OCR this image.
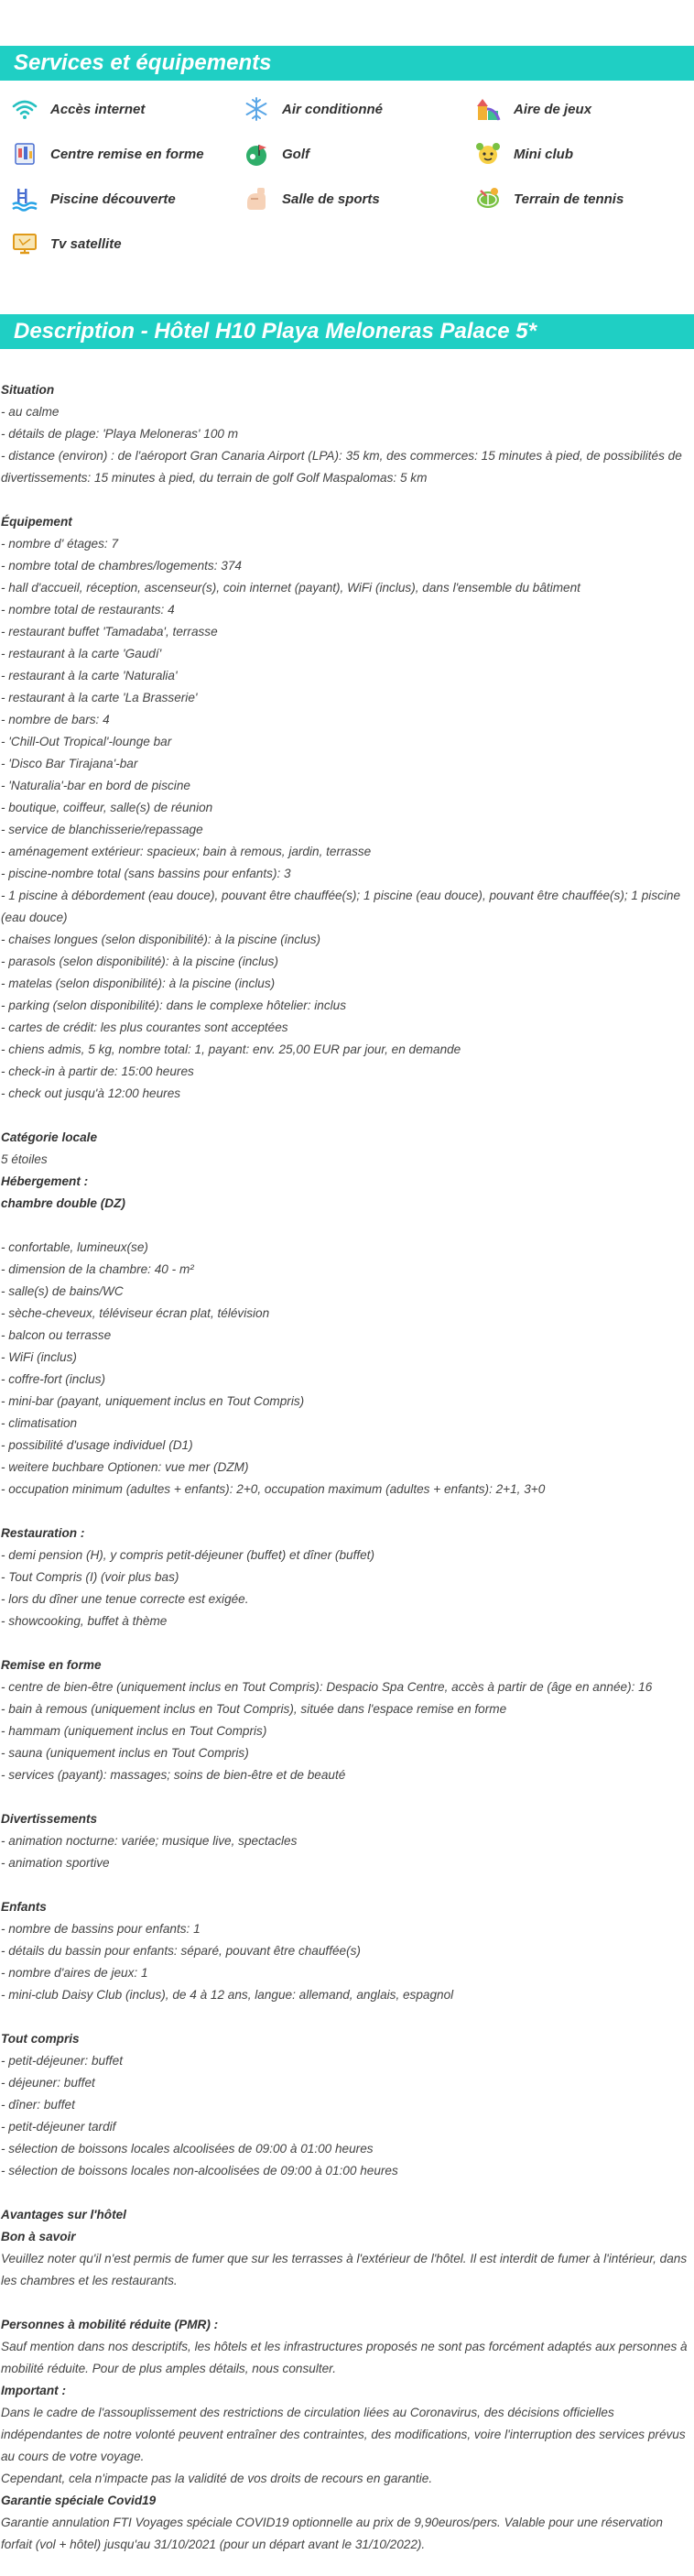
Services et équipements
Accès internet	Air conditionné	Aire de jeux
Centre remise en forme	Golf	Mini club
Piscine découverte	Salle de sports	Terrain de tennis
Tv satellite
Description - Hôtel H10 Playa Meloneras Palace 5*
Situation
- au calme
- détails de plage: 'Playa Meloneras' 100 m
- distance (environ) : de l'aéroport Gran Canaria Airport (LPA): 35 km, des commerces: 15 minutes à pied, de possibilités de divertissements: 15 minutes à pied, du terrain de golf Golf Maspalomas: 5 km
Équipement
- nombre d' étages: 7
- nombre total de chambres/logements: 374
- hall d'accueil, réception, ascenseur(s), coin internet (payant), WiFi (inclus), dans l'ensemble du bâtiment
- nombre total de restaurants: 4
- restaurant buffet 'Tamadaba', terrasse
- restaurant à la carte 'Gaudí'
- restaurant à la carte 'Naturalia'
- restaurant à la carte 'La Brasserie'
- nombre de bars: 4
- 'Chill-Out Tropical'-lounge bar
- 'Disco Bar Tirajana'-bar
- 'Naturalia'-bar en bord de piscine
- boutique, coiffeur, salle(s) de réunion
- service de blanchisserie/repassage
- aménagement extérieur: spacieux; bain à remous, jardin, terrasse
- piscine-nombre total (sans bassins pour enfants): 3
- 1 piscine à débordement (eau douce), pouvant être chauffée(s); 1 piscine (eau douce), pouvant être chauffée(s); 1 piscine (eau douce)
- chaises longues (selon disponibilité): à la piscine (inclus)
- parasols (selon disponibilité): à la piscine (inclus)
- matelas (selon disponibilité): à la piscine (inclus)
- parking (selon disponibilité): dans le complexe hôtelier: inclus
- cartes de crédit: les plus courantes sont acceptées
- chiens admis, 5 kg, nombre total: 1, payant: env. 25,00 EUR par jour, en demande
- check-in à partir de: 15:00 heures
- check out jusqu'à 12:00 heures
Catégorie locale
5 étoiles
Hébergement :
chambre double (DZ)
- confortable, lumineux(se)
- dimension de la chambre: 40 - m²
- salle(s) de bains/WC
- sèche-cheveux, téléviseur écran plat, télévision
- balcon ou terrasse
- WiFi (inclus)
- coffre-fort (inclus)
- mini-bar (payant, uniquement inclus en Tout Compris)
- climatisation
- possibilité d'usage individuel (D1)
- weitere buchbare Optionen: vue mer (DZM)
- occupation minimum (adultes + enfants): 2+0, occupation maximum (adultes + enfants): 2+1, 3+0
Restauration :
- demi pension (H), y compris petit-déjeuner (buffet) et dîner (buffet)
- Tout Compris (I) (voir plus bas)
- lors du dîner une tenue correcte est exigée.
- showcooking, buffet à thème
Remise en forme
- centre de bien-être (uniquement inclus en Tout Compris): Despacio Spa Centre, accès à partir de (âge en année): 16
- bain à remous (uniquement inclus en Tout Compris), située dans l'espace remise en forme
- hammam (uniquement inclus en Tout Compris)
- sauna (uniquement inclus en Tout Compris)
- services (payant): massages; soins de bien-être et de beauté
Divertissements
- animation nocturne: variée; musique live, spectacles
- animation sportive
Enfants
- nombre de bassins pour enfants: 1
- détails du bassin pour enfants: séparé, pouvant être chauffée(s)
- nombre d'aires de jeux: 1
- mini-club Daisy Club (inclus), de 4 à 12 ans, langue: allemand, anglais, espagnol
Tout compris
- petit-déjeuner: buffet
- déjeuner: buffet
- dîner: buffet
- petit-déjeuner tardif
- sélection de boissons locales alcoolisées de 09:00 à 01:00 heures
- sélection de boissons locales non-alcoolisées de 09:00 à 01:00 heures
Avantages sur l'hôtel
Bon à savoir
Veuillez noter qu'il n'est permis de fumer que sur les terrasses à l'extérieur de l'hôtel. Il est interdit de fumer à l'intérieur, dans les chambres et les restaurants.
Personnes à mobilité réduite (PMR) :
Sauf mention dans nos descriptifs, les hôtels et les infrastructures proposés ne sont pas forcément adaptés aux personnes à mobilité réduite. Pour de plus amples détails, nous consulter.
Important :
Dans le cadre de l'assouplissement des restrictions de circulation liées au Coronavirus, des décisions officielles indépendantes de notre volonté peuvent entraîner des contraintes, des modifications, voire l'interruption des services prévus au cours de votre voyage.
Cependant, cela n'impacte pas la validité de vos droits de recours en garantie.
Garantie spéciale Covid19
Garantie annulation FTI Voyages spéciale COVID19 optionnelle au prix de 9,90euros/pers. Valable pour une réservation forfait (vol + hôtel) jusqu'au 31/10/2021 (pour un départ avant le 31/10/2022).
